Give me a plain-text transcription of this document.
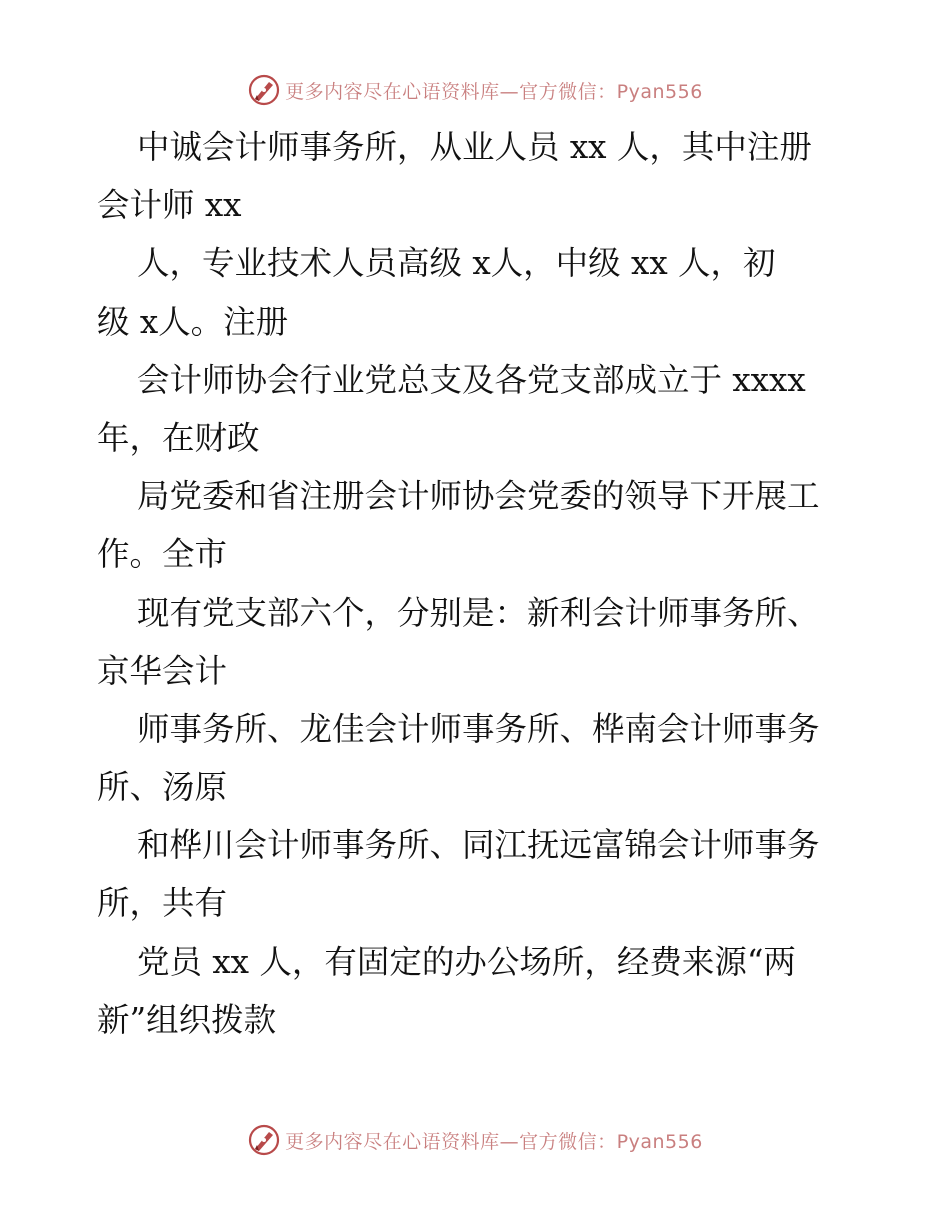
更多内容尽在心语资料库—官方微信：Pyan556
中诚会计师事务所，从业人员 xx 人，其中注册
会计师 xx
人，专业技术人员高级 x人，中级 xx 人，初
级 x人。注册
会计师协会行业党总支及各党支部成立于 xxxx
年，在财政
局党委和省注册会计师协会党委的领导下开展工
作。全市
现有党支部六个，分别是：新利会计师事务所、
京华会计
师事务所、龙佳会计师事务所、桦南会计师事务
所、汤原
和桦川会计师事务所、同江抚远富锦会计师事务
所，共有
党员 xx 人，有固定的办公场所，经费来源“两
新”组织拨款
更多内容尽在心语资料库—官方微信：Pyan556
